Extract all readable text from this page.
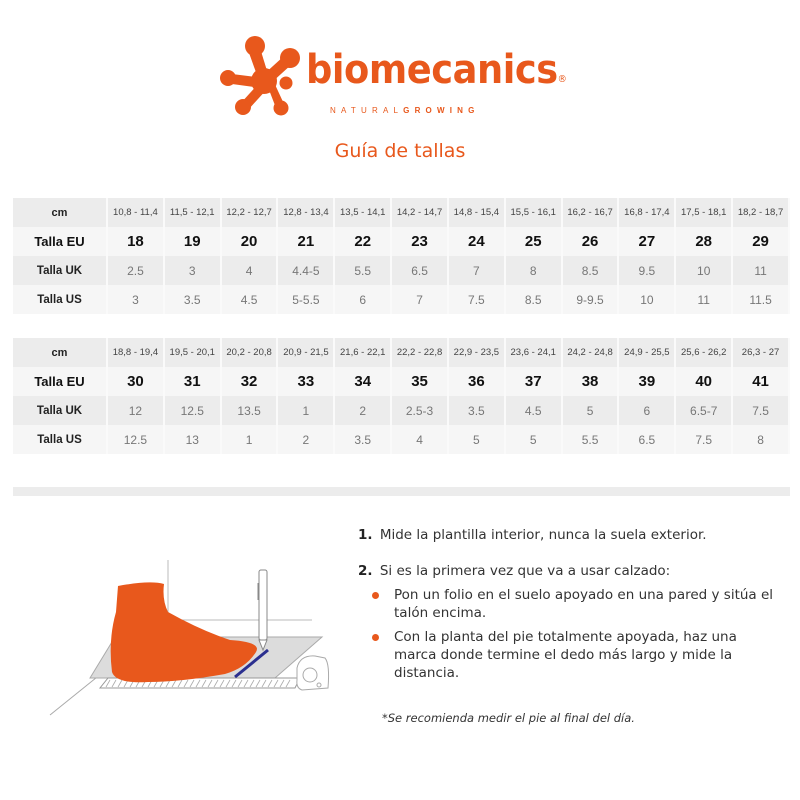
biomecanics®
NATURALGROWING
Guía de tallas
cm	10,8 - 11,4	11,5 - 12,1	12,2 - 12,7	12,8 - 13,4	13,5 - 14,1	14,2 - 14,7	14,8 - 15,4	15,5 - 16,1	16,2 - 16,7	16,8 - 17,4	17,5 - 18,1	18,2 - 18,7
Talla EU	18	19	20	21	22	23	24	25	26	27	28	29
Talla UK	2.5	3	4	4.4-5	5.5	6.5	7	8	8.5	9.5	10	11
Talla US	3	3.5	4.5	5-5.5	6	7	7.5	8.5	9-9.5	10	11	11.5
cm	18,8 - 19,4	19,5 - 20,1	20,2 - 20,8	20,9 - 21,5	21,6 - 22,1	22,2 - 22,8	22,9 - 23,5	23,6 - 24,1	24,2 - 24,8	24,9 - 25,5	25,6 - 26,2	26,3 - 27
Talla EU	30	31	32	33	34	35	36	37	38	39	40	41
Talla UK	12	12.5	13.5	1	2	2.5-3	3.5	4.5	5	6	6.5-7	7.5
Talla US	12.5	13	1	2	3.5	4	5	5	5.5	6.5	7.5	8
1. Mide la plantilla interior, nunca la suela exterior.
2. Si es la primera vez que va a usar calzado:
Pon un folio en el suelo apoyado en una pared y sitúa el talón encima.
Con la planta del pie totalmente apoyada, haz una marca donde termine el dedo más largo y mide la distancia.
*Se recomienda medir el pie al final del día.
